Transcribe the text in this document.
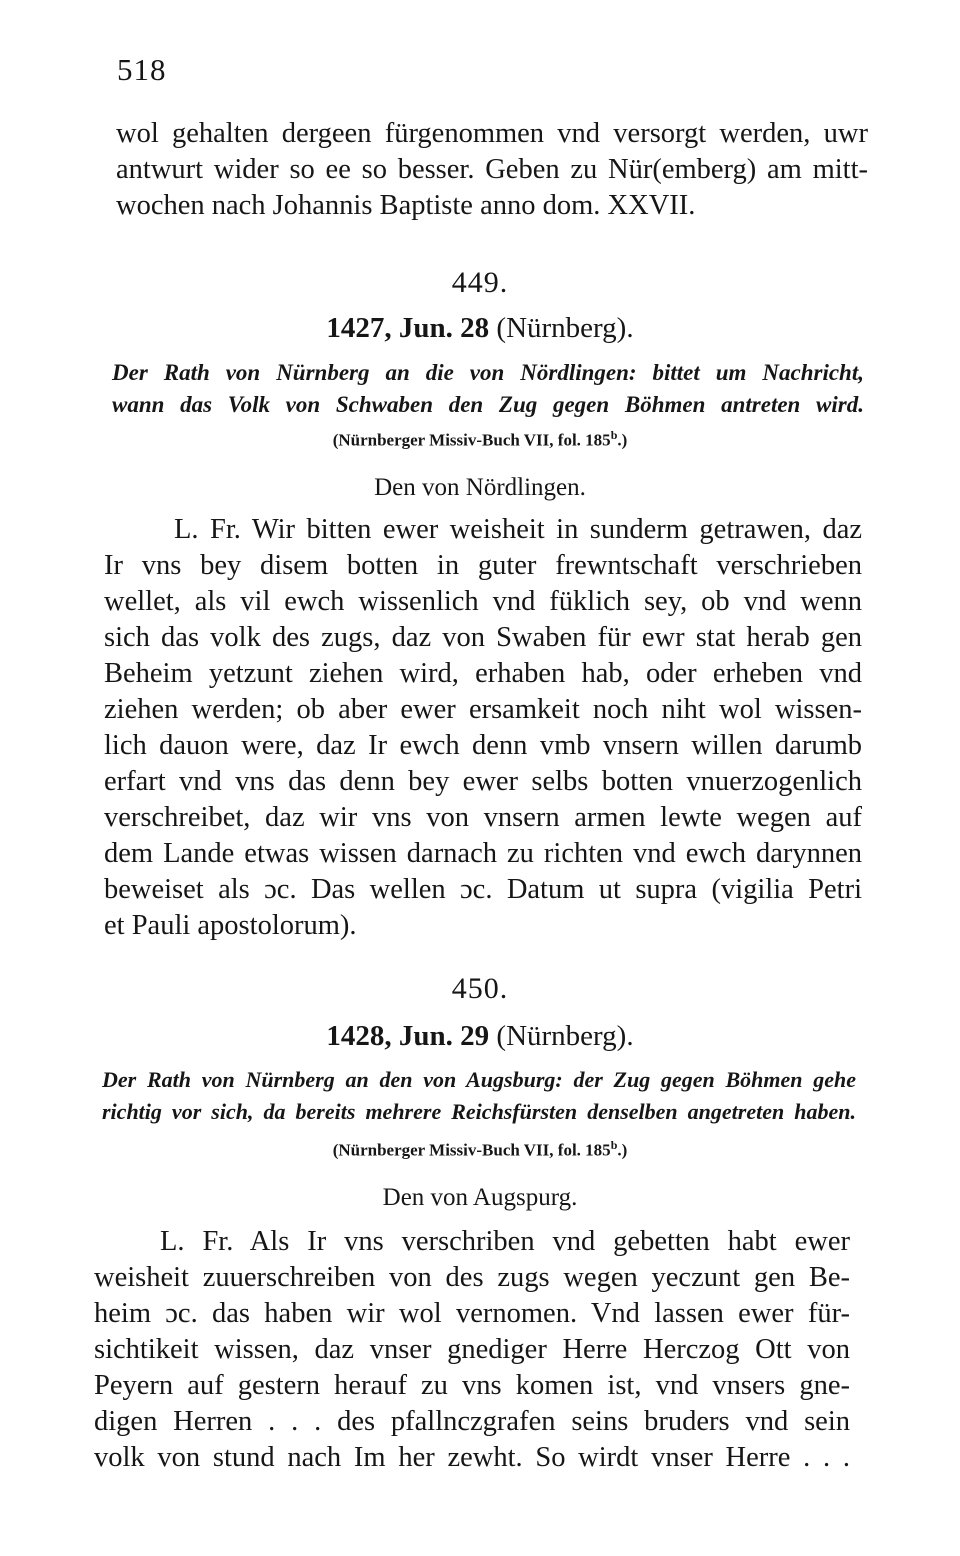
518
wol gehalten dergeen fürgenommen vnd versorgt werden, uwr
antwurt wider so ee so besser. Geben zu Nür(emberg) am mitt-
wochen nach Johannis Baptiste anno dom. XXVII.
449.
1427, Jun. 28 (Nürnberg).
Der Rath von Nürnberg an die von Nördlingen: bittet um Nachricht,
wann das Volk von Schwaben den Zug gegen Böhmen antreten wird.
(Nürnberger Missiv-Buch VII, fol. 185$^b$.)
Den von Nördlingen.
L. Fr. Wir bitten ewer weisheit in sunderm getrawen, daz
Ir vns bey disem botten in guter frewntschaft verschrieben
wellet, als vil ewch wissenlich vnd füklich sey, ob vnd wenn
sich das volk des zugs, daz von Swaben für ewr stat herab gen
Beheim yetzunt ziehen wird, erhaben hab, oder erheben vnd
ziehen werden; ob aber ewer ersamkeit noch niht wol wissen-
lich dauon were, daz Ir ewch denn vmb vnsern willen darumb
erfart vnd vns das denn bey ewer selbs botten vnuerzogenlich
verschreibet, daz wir vns von vnsern armen lewte wegen auf
dem Lande etwas wissen darnach zu richten vnd ewch darynnen
beweiset als ɔc. Das wellen ɔc. Datum ut supra (vigilia Petri
et Pauli apostolorum).
450.
1428, Jun. 29 (Nürnberg).
Der Rath von Nürnberg an den von Augsburg: der Zug gegen Böhmen gehe
richtig vor sich, da bereits mehrere Reichsfürsten denselben angetreten haben.
(Nürnberger Missiv-Buch VII, fol. 185$^b$.)
Den von Augspurg.
L. Fr. Als Ir vns verschriben vnd gebetten habt ewer
weisheit zuuerschreiben von des zugs wegen yeczunt gen Be-
heim ɔc. das haben wir wol vernomen. Vnd lassen ewer für-
sichtikeit wissen, daz vnser gnediger Herre Herczog Ott von
Peyern auf gestern herauf zu vns komen ist, vnd vnsers gne-
digen Herren . . . des pfallnczgrafen seins bruders vnd sein
volk von stund nach Im her zewht. So wirdt vnser Herre . . .
